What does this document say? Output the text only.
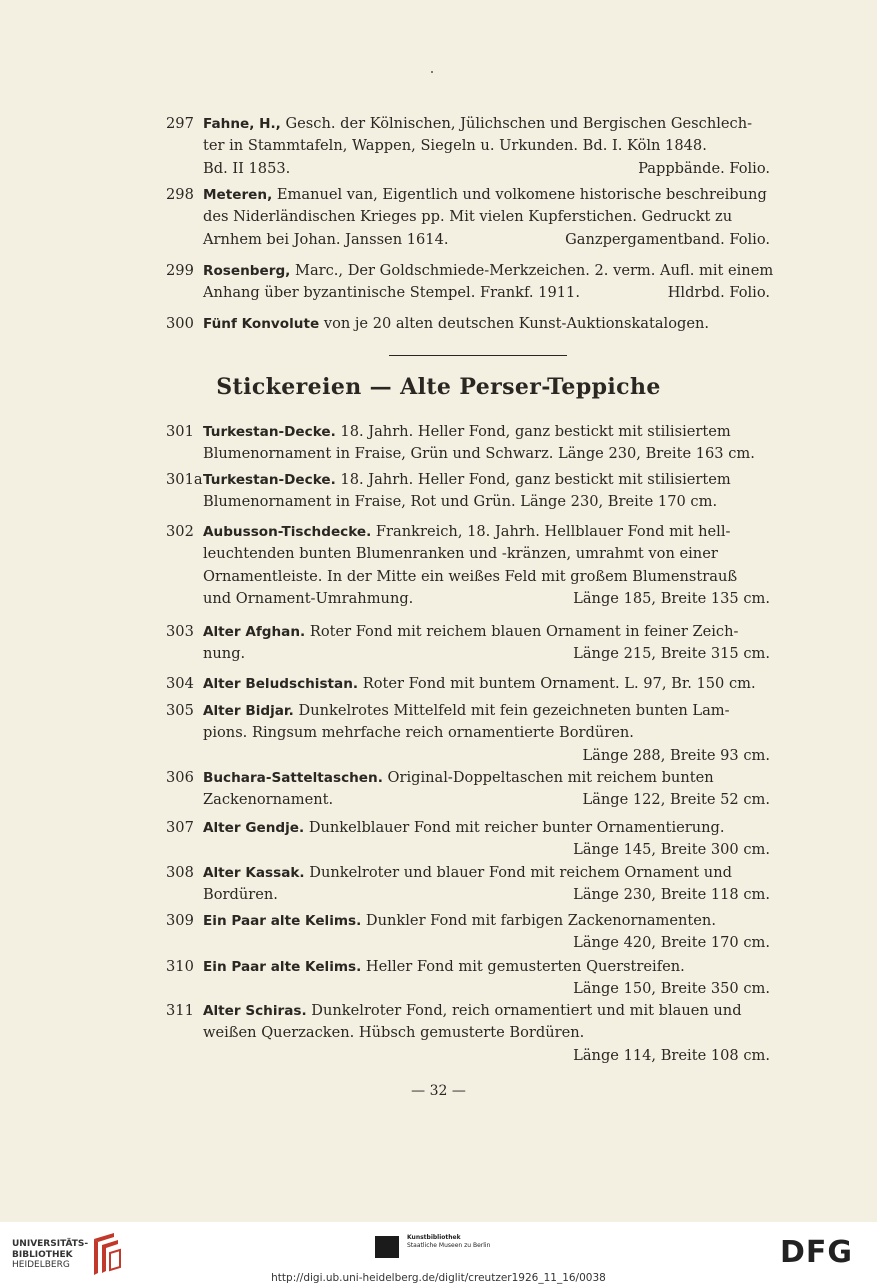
297 Fahne, H., Gesch. der Kölnischen, Jülichschen und Bergischen Geschlech-
ter in Stammtafeln, Wappen, Siegeln u. Urkunden. Bd. I. Köln 1848.
Bd. II 1853.	Pappbände. Folio.
298 Meteren, Emanuel van, Eigentlich und volkomene historische beschreibung
des Niderländischen Krieges pp. Mit vielen Kupferstichen. Gedruckt zu
Arnhem bei Johan. Janssen 1614.	Ganzpergamentband. Folio.
299 Rosenberg, Marc., Der Goldschmiede-Merkzeichen. 2. verm. Aufl. mit einem
Anhang über byzantinische Stempel. Frankf. 1911.	Hldrbd. Folio.
300 Fünf Konvolute von je 20 alten deutschen Kunst-Auktionskatalogen.
Stickereien — Alte Perser-Teppiche
301 Turkestan-Decke. 18. Jahrh. Heller Fond, ganz bestickt mit stilisiertem
Blumenornament in Fraise, Grün und Schwarz. Länge 230, Breite 163 cm.
301a Turkestan-Decke. 18. Jahrh. Heller Fond, ganz bestickt mit stilisiertem
Blumenornament in Fraise, Rot und Grün. Länge 230, Breite 170 cm.
302 Aubusson-Tischdecke. Frankreich, 18. Jahrh. Hellblauer Fond mit hell-
leuchtenden bunten Blumenranken und -kränzen, umrahmt von einer
Ornamentleiste. In der Mitte ein weißes Feld mit großem Blumenstrauß
und Ornament-Umrahmung.	Länge 185, Breite 135 cm.
303 Alter Afghan. Roter Fond mit reichem blauen Ornament in feiner Zeich-
nung.	Länge 215, Breite 315 cm.
304 Alter Beludschistan. Roter Fond mit buntem Ornament. L. 97, Br. 150 cm.
305 Alter Bidjar. Dunkelrotes Mittelfeld mit fein gezeichneten bunten Lam-
pions. Ringsum mehrfache reich ornamentierte Bordüren.
Länge 288, Breite 93 cm.
306 Buchara-Satteltaschen. Original-Doppeltaschen mit reichem bunten
Zackenornament.	Länge 122, Breite 52 cm.
307 Alter Gendje. Dunkelblauer Fond mit reicher bunter Ornamentierung.
Länge 145, Breite 300 cm.
308 Alter Kassak. Dunkelroter und blauer Fond mit reichem Ornament und
Bordüren.	Länge 230, Breite 118 cm.
309 Ein Paar alte Kelims. Dunkler Fond mit farbigen Zackenornamenten.
Länge 420, Breite 170 cm.
310 Ein Paar alte Kelims. Heller Fond mit gemusterten Querstreifen.
Länge 150, Breite 350 cm.
311 Alter Schiras. Dunkelroter Fond, reich ornamentiert und mit blauen und
weißen Querzacken. Hübsch gemusterte Bordüren.
Länge 114, Breite 108 cm.
— 32 —
UNIVERSITÄTS-
BIBLIOTHEK
HEIDELBERG
Kunstbibliothek
Staatliche Museen zu Berlin	DFG
http://digi.ub.uni-heidelberg.de/diglit/creutzer1926_11_16/0038
